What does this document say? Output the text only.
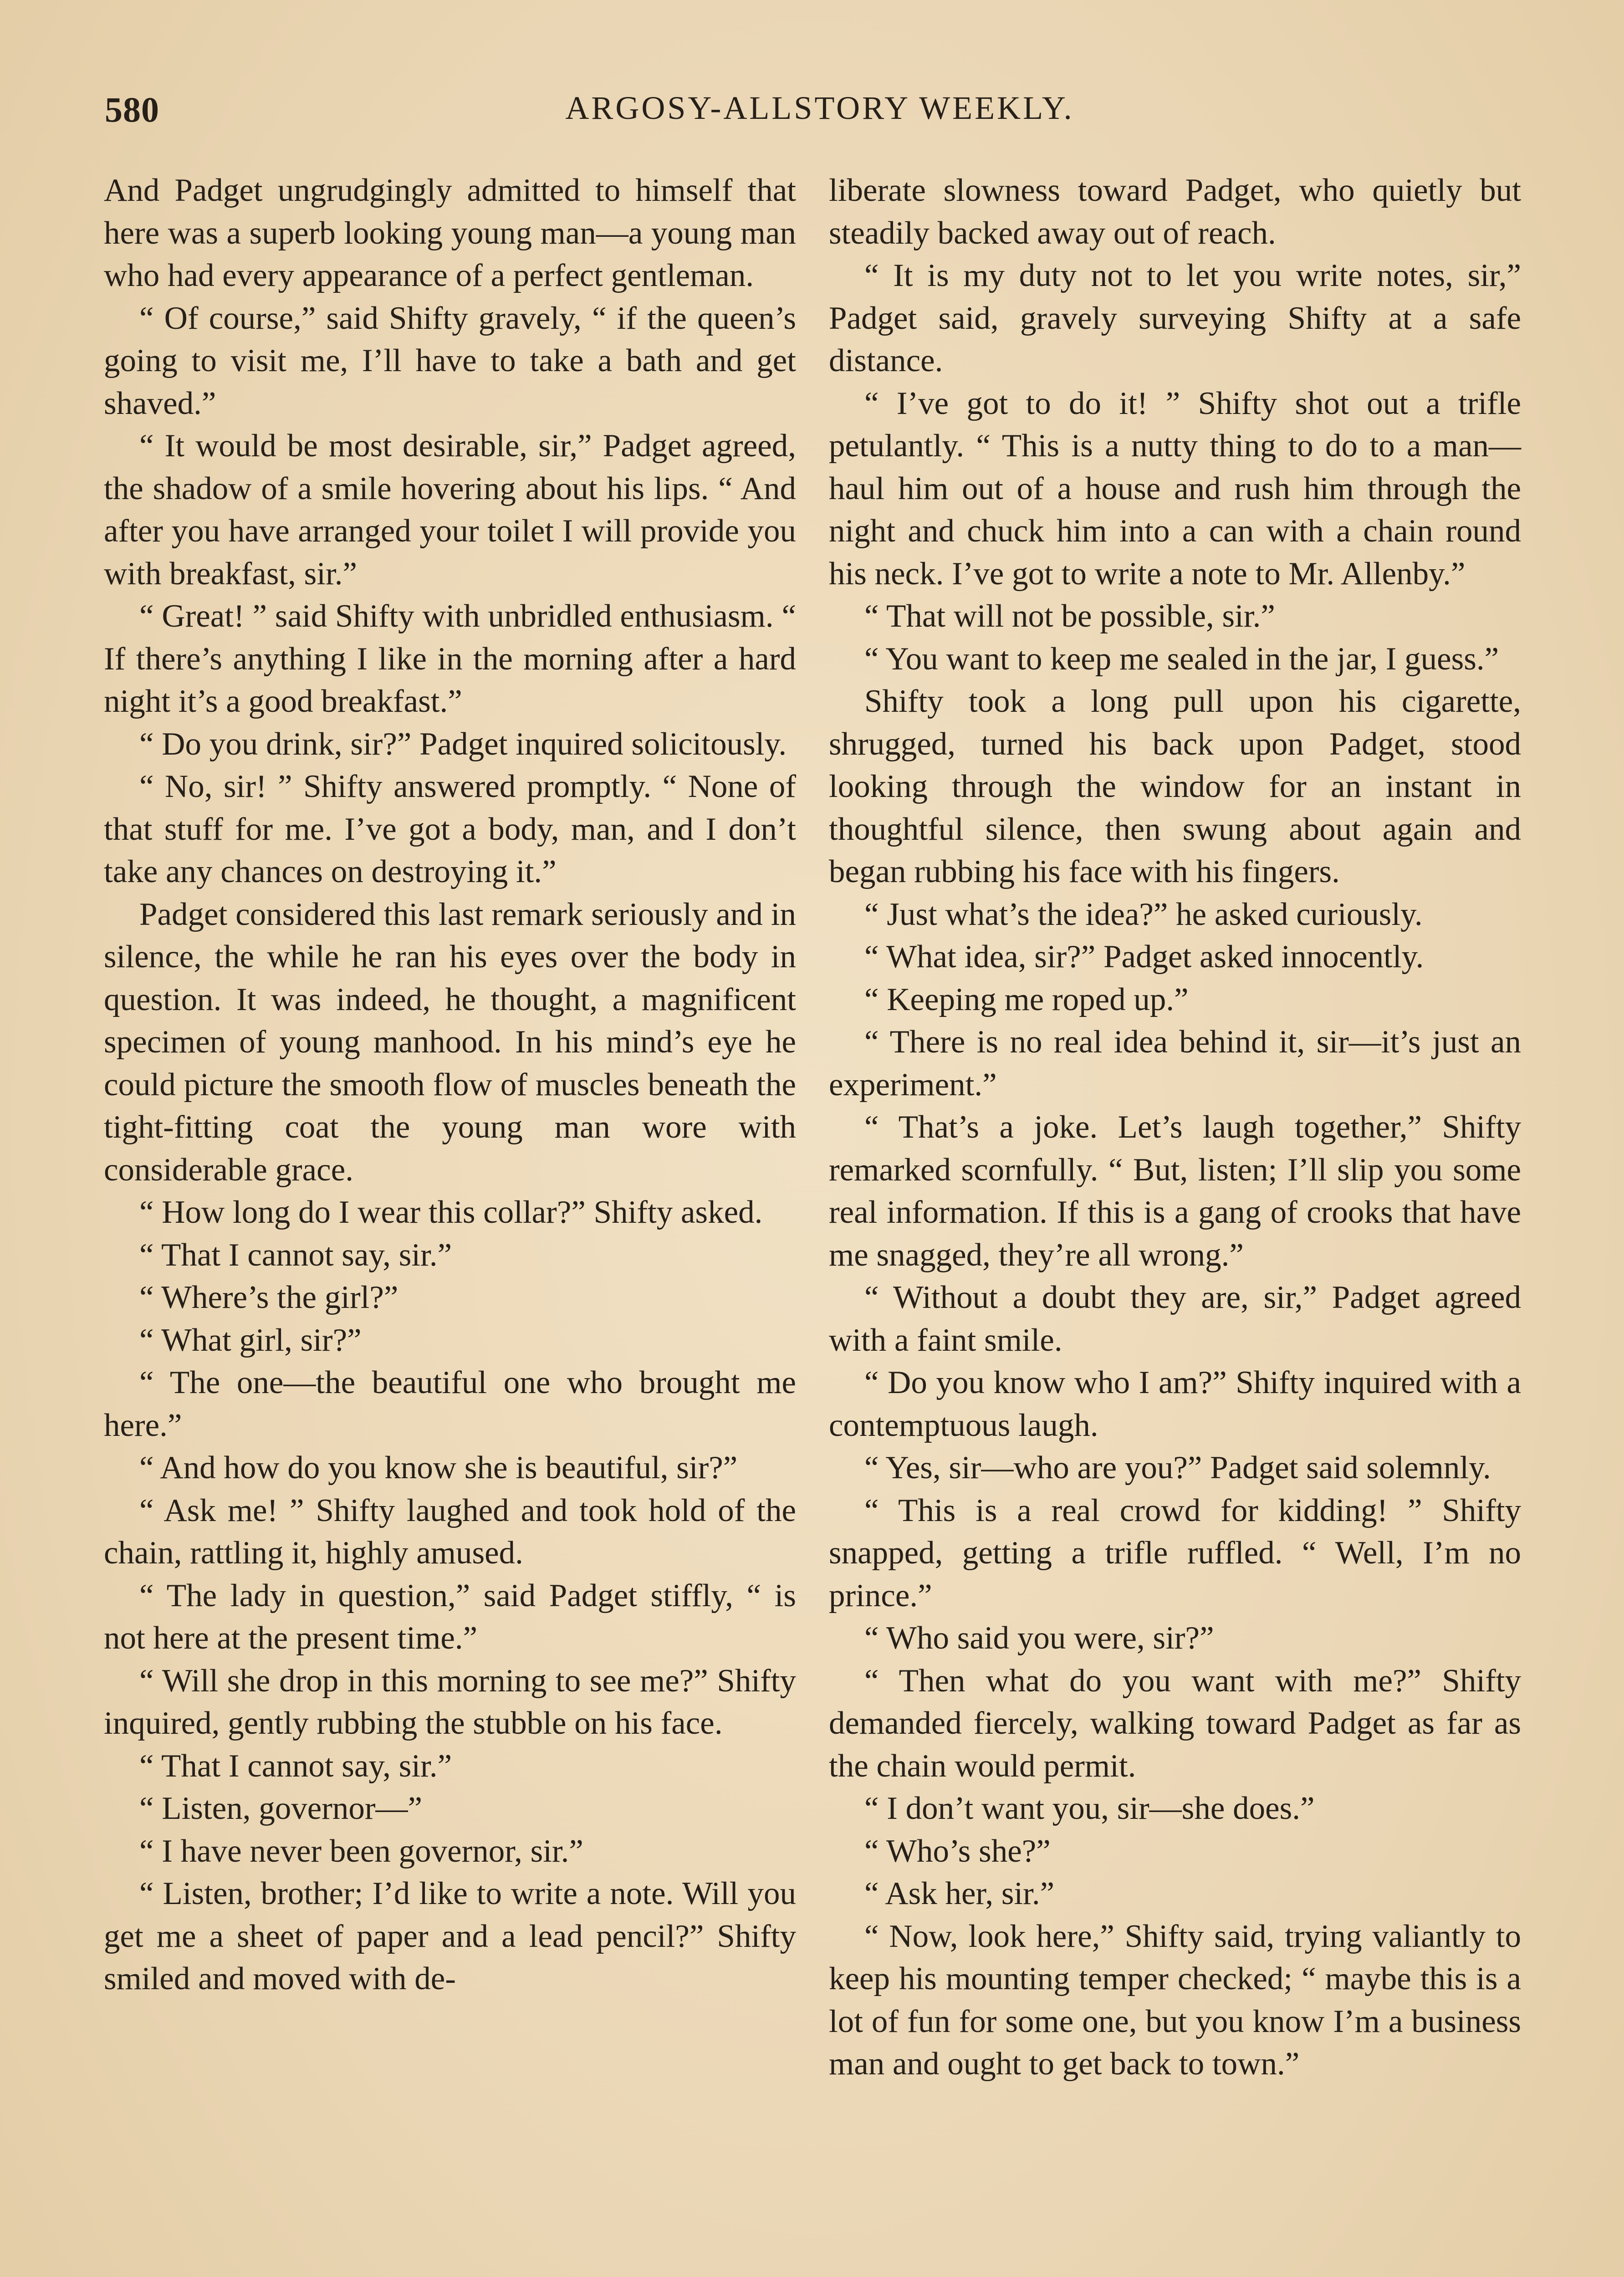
ARGOSY-ALLSTORY WEEKLY.
580

And Padget ungrudgingly admitted to himself that here was a superb looking young man—a young man who had every appearance of a perfect gentleman.

“ Of course,” said Shifty gravely, “ if the queen’s going to visit me, I’ll have to take a bath and get shaved.”

“ It would be most desirable, sir,” Padget agreed, the shadow of a smile hovering about his lips. “ And after you have arranged your toilet I will provide you with breakfast, sir.”

“ Great! ” said Shifty with unbridled enthusiasm. “ If there’s anything I like in the morning after a hard night it’s a good breakfast.”

“ Do you drink, sir?” Padget inquired solicitously.

“ No, sir! ” Shifty answered promptly. “ None of that stuff for me. I’ve got a body, man, and I don’t take any chances on destroying it.”

Padget considered this last remark seriously and in silence, the while he ran his eyes over the body in question. It was indeed, he thought, a magnificent specimen of young manhood. In his mind’s eye he could picture the smooth flow of muscles beneath the tight-fitting coat the young man wore with considerable grace.

“ How long do I wear this collar?” Shifty asked.

“ That I cannot say, sir.”

“ Where’s the girl?”

“ What girl, sir?”

“ The one—the beautiful one who brought me here.”

“ And how do you know she is beautiful, sir?”

“ Ask me! ” Shifty laughed and took hold of the chain, rattling it, highly amused.

“ The lady in question,” said Padget stiffly, “ is not here at the present time.”

“ Will she drop in this morning to see me?” Shifty inquired, gently rubbing the stubble on his face.

“ That I cannot say, sir.”

“ Listen, governor—”

“ I have never been governor, sir.”

“ Listen, brother; I’d like to write a note. Will you get me a sheet of paper and a lead pencil?” Shifty smiled and moved with de-

liberate slowness toward Padget, who quietly but steadily backed away out of reach.

“ It is my duty not to let you write notes, sir,” Padget said, gravely surveying Shifty at a safe distance.

“ I’ve got to do it! ” Shifty shot out a trifle petulantly. “ This is a nutty thing to do to a man—haul him out of a house and rush him through the night and chuck him into a can with a chain round his neck. I’ve got to write a note to Mr. Allenby.”

“ That will not be possible, sir.”

“ You want to keep me sealed in the jar, I guess.”

Shifty took a long pull upon his cigarette, shrugged, turned his back upon Padget, stood looking through the window for an instant in thoughtful silence, then swung about again and began rubbing his face with his fingers.

“ Just what’s the idea?” he asked curiously.

“ What idea, sir?” Padget asked innocently.

“ Keeping me roped up.”

“ There is no real idea behind it, sir—it’s just an experiment.”

“ That’s a joke. Let’s laugh together,” Shifty remarked scornfully. “ But, listen; I’ll slip you some real information. If this is a gang of crooks that have me snagged, they’re all wrong.”

“ Without a doubt they are, sir,” Padget agreed with a faint smile.

“ Do you know who I am?” Shifty inquired with a contemptuous laugh.

“ Yes, sir—who are you?” Padget said solemnly.

“ This is a real crowd for kidding! ” Shifty snapped, getting a trifle ruffled. “ Well, I’m no prince.”

“ Who said you were, sir?”

“ Then what do you want with me?” Shifty demanded fiercely, walking toward Padget as far as the chain would permit.

“ I don’t want you, sir—she does.”

“ Who’s she?”

“ Ask her, sir.”

“ Now, look here,” Shifty said, trying valiantly to keep his mounting temper checked; “ maybe this is a lot of fun for some one, but you know I’m a business man and ought to get back to town.”
